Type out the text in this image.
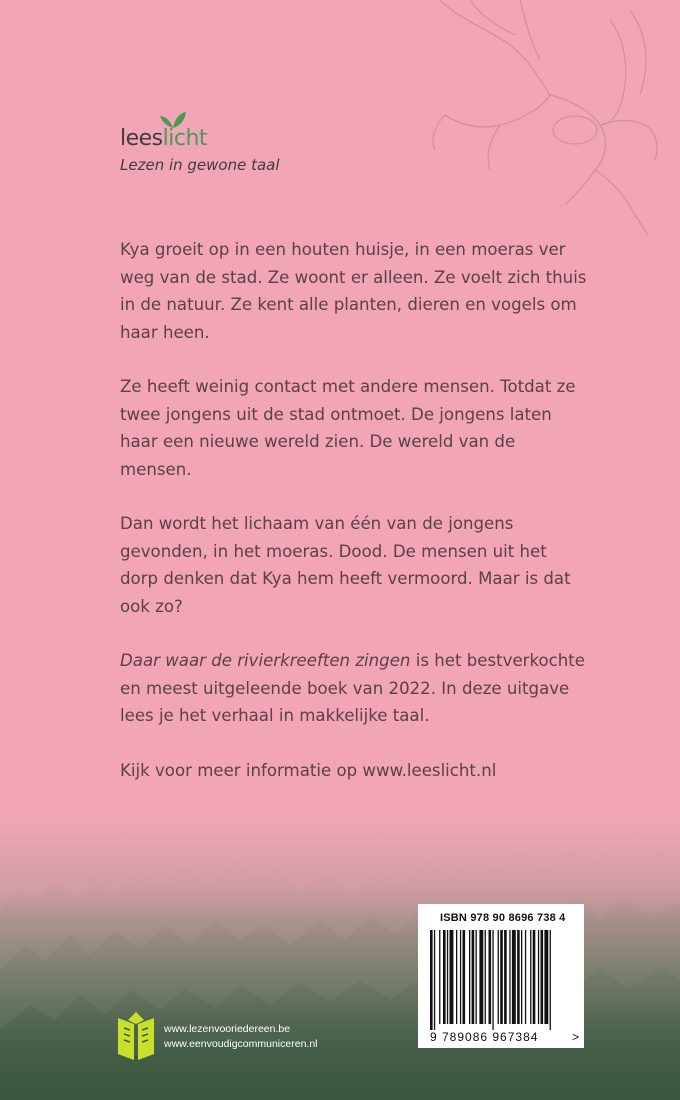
leeslicht
Lezen in gewone taal

Kya groeit op in een houten huisje, in een moeras ver weg van de stad. Ze woont er alleen. Ze voelt zich thuis in de natuur. Ze kent alle planten, dieren en vogels om haar heen.

Ze heeft weinig contact met andere mensen. Totdat ze twee jongens uit de stad ontmoet. De jongens laten haar een nieuwe wereld zien. De wereld van de mensen.

Dan wordt het lichaam van één van de jongens gevonden, in het moeras. Dood. De mensen uit het dorp denken dat Kya hem heeft vermoord. Maar is dat ook zo?

Daar waar de rivierkreeften zingen is het bestverkochte en meest uitgeleende boek van 2022. In deze uitgave lees je het verhaal in makkelijke taal.

Kijk voor meer informatie op www.leeslicht.nl

ISBN 978 90 8696 738 4
9 789086 967384	>
www.lezenvooriedereen.be
www.eenvoudigcommuniceren.nl
